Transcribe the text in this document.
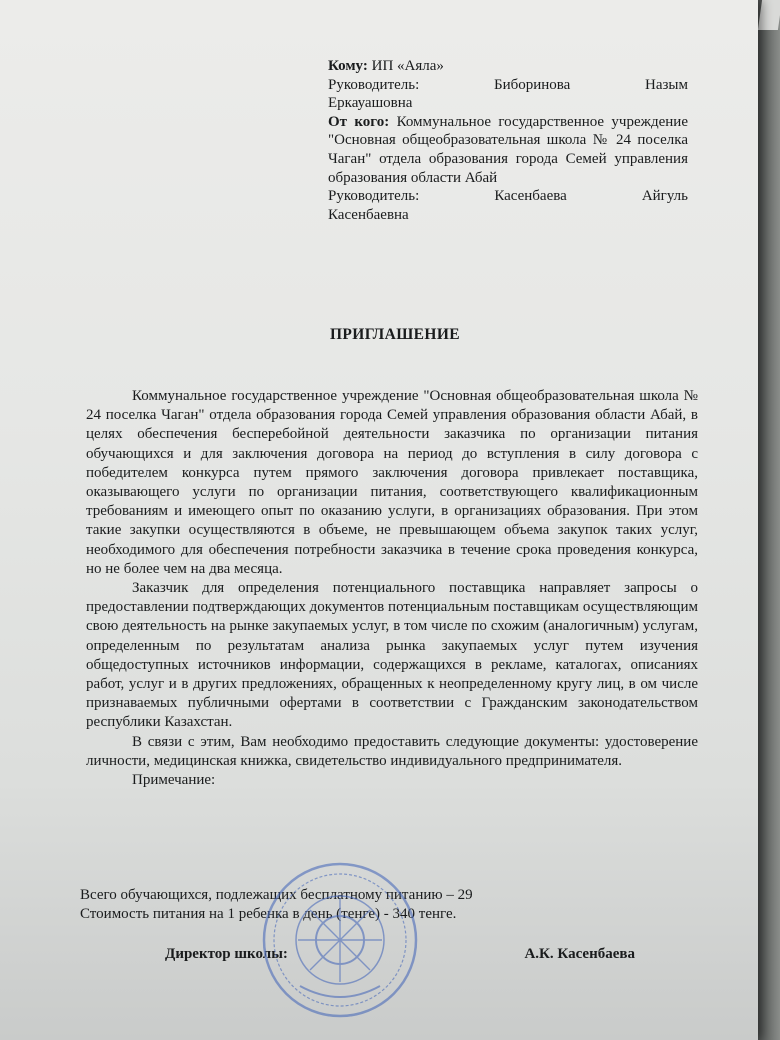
Кому: ИП «Аяла»
Руководитель:	Биборинова	Назым
Еркауашовна
От кого: Коммунальное государственное учреждение "Основная общеобразовательная школа № 24 поселка Чаган" отдела образования города Семей управления образования области Абай
Руководитель:	Касенбаева	Айгуль
Касенбаевна
ПРИГЛАШЕНИЕ

Коммунальное государственное учреждение "Основная общеобразовательная школа № 24 поселка Чаган" отдела образования города Семей управления образования области Абай, в целях обеспечения бесперебойной деятельности заказчика по организации питания обучающихся и для заключения договора на период до вступления в силу договора с победителем конкурса путем прямого заключения договора привлекает поставщика, оказывающего услуги по организации питания, соответствующего квалификационным требованиям и имеющего опыт по оказанию услуги, в организациях образования. При этом такие закупки осуществляются в объеме, не превышающем объема закупок таких услуг, необходимого для обеспечения потребности заказчика в течение срока проведения конкурса, но не более чем на два месяца.

Заказчик для определения потенциального поставщика направляет запросы о предоставлении подтверждающих документов потенциальным поставщикам осуществляющим свою деятельность на рынке закупаемых услуг, в том числе по схожим (аналогичным) услугам, определенным по результатам анализа рынка закупаемых услуг путем изучения общедоступных источников информации, содержащихся в рекламе, каталогах, описаниях работ, услуг и в других предложениях, обращенных к неопределенному кругу лиц, в ом числе признаваемых публичными офертами в соответствии с Гражданским законодательством республики Казахстан.

В связи с этим, Вам необходимо предоставить следующие документы: удостоверение личности, медицинская книжка, свидетельство индивидуального предпринимателя.

Примечание:

Всего обучающихся, подлежащих бесплатному питанию – 29
Стоимость питания на 1 ребенка в день (тенге) - 340 тенге.
Директор школы:	А.К. Касенбаева
